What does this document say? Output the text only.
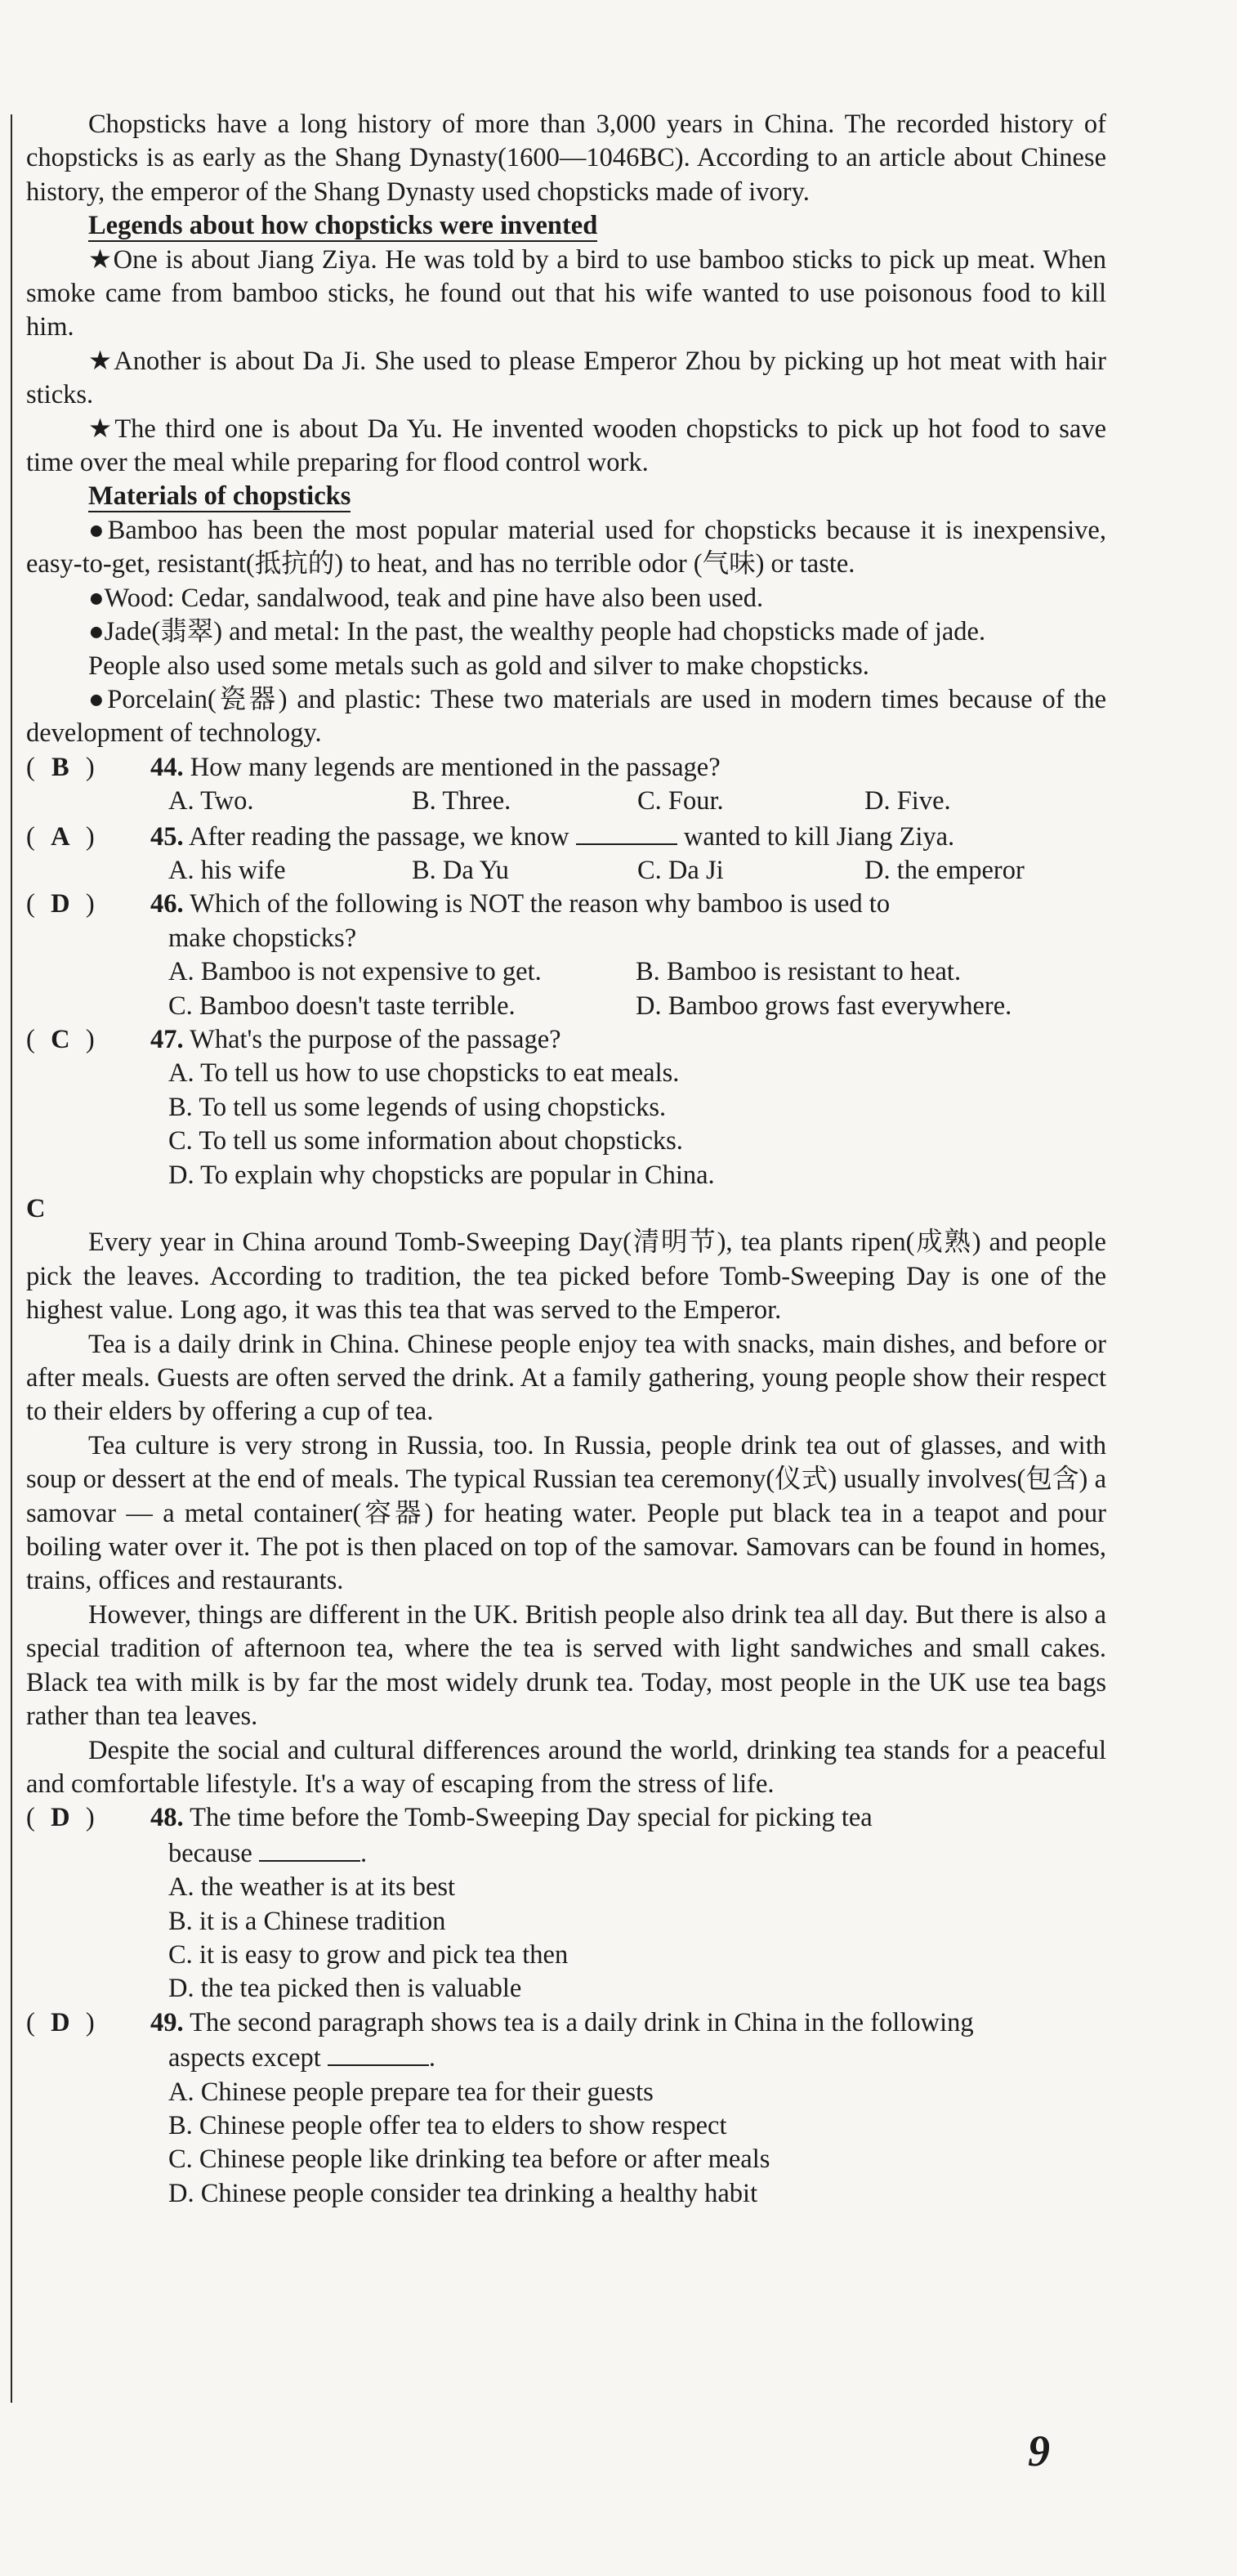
Chopsticks have a long history of more than 3,000 years in China. The recorded history of chopsticks is as early as the Shang Dynasty(1600—1046BC). According to an article about Chinese history, the emperor of the Shang Dynasty used chopsticks made of ivory.

Legends about how chopsticks were invented

★One is about Jiang Ziya. He was told by a bird to use bamboo sticks to pick up meat. When smoke came from bamboo sticks, he found out that his wife wanted to use poisonous food to kill him.

★Another is about Da Ji. She used to please Emperor Zhou by picking up hot meat with hair sticks.

★The third one is about Da Yu. He invented wooden chopsticks to pick up hot food to save time over the meal while preparing for flood control work.

Materials of chopsticks

●Bamboo has been the most popular material used for chopsticks because it is inexpensive, easy-to-get, resistant(抵抗的) to heat, and has no terrible odor (气味) or taste.

●Wood: Cedar, sandalwood, teak and pine have also been used.

●Jade(翡翠) and metal: In the past, the wealthy people had chopsticks made of jade.

People also used some metals such as gold and silver to make chopsticks.

●Porcelain(瓷器) and plastic: These two materials are used in modern times because of the development of technology.

( B ) 44. How many legends are mentioned in the passage?

A. Two.	B. Three.	C. Four.	D. Five.

( A ) 45. After reading the passage, we know	wanted to kill Jiang Ziya.

A. his wife	B. Da Yu	C. Da Ji	D. the emperor

( D ) 46. Which of the following is NOT the reason why bamboo is used to

make chopsticks?

A. Bamboo is not expensive to get.	B. Bamboo is resistant to heat.

C. Bamboo doesn't taste terrible.	D. Bamboo grows fast everywhere.

( C ) 47. What's the purpose of the passage?

A. To tell us how to use chopsticks to eat meals.

B. To tell us some legends of using chopsticks.

C. To tell us some information about chopsticks.

D. To explain why chopsticks are popular in China.

C

Every year in China around Tomb-Sweeping Day(清明节), tea plants ripen(成熟) and people pick the leaves. According to tradition, the tea picked before Tomb-Sweeping Day is one of the highest value. Long ago, it was this tea that was served to the Emperor.

Tea is a daily drink in China. Chinese people enjoy tea with snacks, main dishes, and before or after meals. Guests are often served the drink. At a family gathering, young people show their respect to their elders by offering a cup of tea.

Tea culture is very strong in Russia, too. In Russia, people drink tea out of glasses, and with soup or dessert at the end of meals. The typical Russian tea ceremony(仪式) usually involves(包含) a samovar — a metal container(容器) for heating water. People put black tea in a teapot and pour boiling water over it. The pot is then placed on top of the samovar. Samovars can be found in homes, trains, offices and restaurants.

However, things are different in the UK. British people also drink tea all day. But there is also a special tradition of afternoon tea, where the tea is served with light sandwiches and small cakes. Black tea with milk is by far the most widely drunk tea. Today, most people in the UK use tea bags rather than tea leaves.

Despite the social and cultural differences around the world, drinking tea stands for a peaceful and comfortable lifestyle. It's a way of escaping from the stress of life.

( D ) 48. The time before the Tomb-Sweeping Day special for picking tea

because	.

A. the weather is at its best

B. it is a Chinese tradition

C. it is easy to grow and pick tea then

D. the tea picked then is valuable

( D ) 49. The second paragraph shows tea is a daily drink in China in the following

aspects except	.

A. Chinese people prepare tea for their guests

B. Chinese people offer tea to elders to show respect

C. Chinese people like drinking tea before or after meals

D. Chinese people consider tea drinking a healthy habit

9
